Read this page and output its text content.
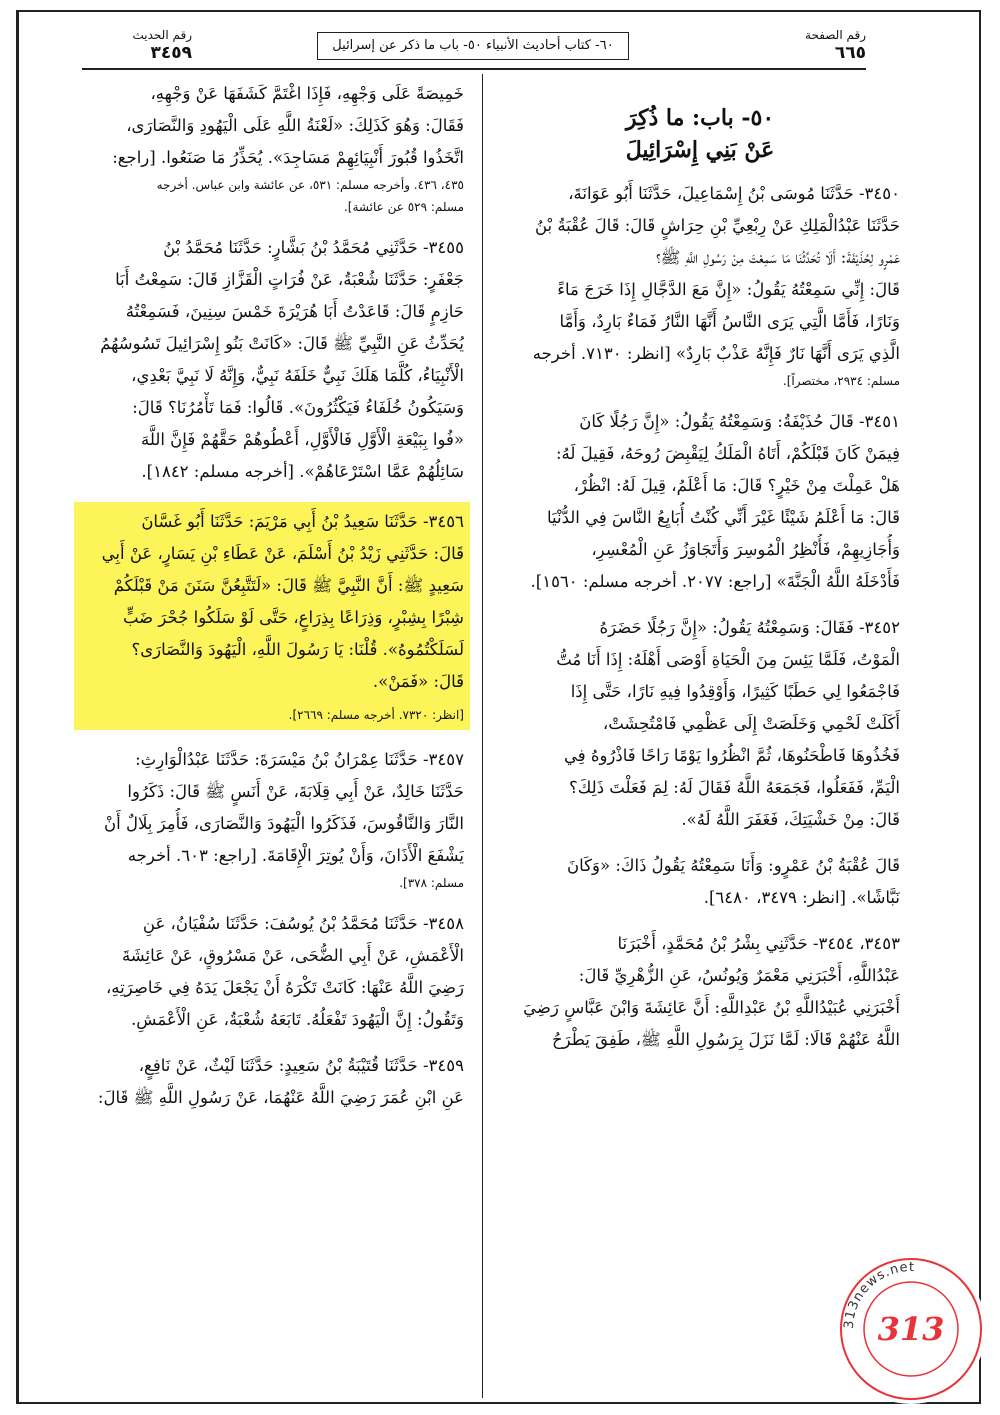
رقم الصفحة
٦٦٥
٦٠- كتاب أحاديث الأنبياء ٥٠- باب ما ذكر عن إسرائيل
رقم الحديث
٣٤٥٩
٥٠- باب: ما ذُكِرَ
عَنْ بَنِي إِسْرَائِيلَ
٣٤٥٠- حَدَّثَنَا مُوسَى بْنُ إِسْمَاعِيلَ، حَدَّثَنَا أَبُو عَوَانَةَ،
حَدَّثَنَا عَبْدُالْمَلِكِ عَنْ رِبْعِيِّ بْنِ حِرَاشٍ قَالَ: قَالَ عُقْبَةُ بْنُ
عَمْرٍو لِحُذَيْفَةَ: أَلَا تُحَدِّثُنَا مَا سَمِعْتَ مِنْ رَسُولِ اللَّهِ ﷺ؟
قَالَ: إِنِّي سَمِعْتُهُ يَقُولُ: «إِنَّ مَعَ الدَّجَّالِ إِذَا خَرَجَ مَاءً
وَنَارًا، فَأَمَّا الَّتِي يَرَى النَّاسُ أَنَّهَا النَّارُ فَمَاءٌ بَارِدٌ، وَأَمَّا
الَّذِي يَرَى أَنَّهَا نَارٌ فَإِنَّهُ عَذْبٌ بَارِدٌ» [انظر: ٧١٣٠. أخرجه
مسلم: ٢٩٣٤، مختصراً].
٣٤٥١- قَالَ حُذَيْفَةُ: وَسَمِعْتُهُ يَقُولُ: «إِنَّ رَجُلًا كَانَ
فِيمَنْ كَانَ قَبْلَكُمْ، أَتَاهُ الْمَلَكُ لِيَقْبِضَ رُوحَهُ، فَقِيلَ لَهُ:
هَلْ عَمِلْتَ مِنْ خَيْرٍ؟ قَالَ: مَا أَعْلَمُ، قِيلَ لَهُ: انْظُرْ،
قَالَ: مَا أَعْلَمُ شَيْئًا غَيْرَ أَنِّي كُنْتُ أُبَايِعُ النَّاسَ فِي الدُّنْيَا
وَأُجَازِيهِمْ، فَأُنْظِرُ الْمُوسِرَ وَأَتَجَاوَزُ عَنِ الْمُعْسِرِ،
فَأَدْخَلَهُ اللَّهُ الْجَنَّةَ» [راجع: ٢٠٧٧. أخرجه مسلم: ١٥٦٠].
٣٤٥٢- فَقَالَ: وَسَمِعْتُهُ يَقُولُ: «إِنَّ رَجُلًا حَضَرَهُ
الْمَوْتُ، فَلَمَّا يَئِسَ مِنَ الْحَيَاةِ أَوْصَى أَهْلَهُ: إِذَا أَنَا مُتُّ
فَاجْمَعُوا لِي حَطَبًا كَثِيرًا، وَأَوْقِدُوا فِيهِ نَارًا، حَتَّى إِذَا
أَكَلَتْ لَحْمِي وَخَلَصَتْ إِلَى عَظْمِي فَامْتُحِشَتْ،
فَخُذُوهَا فَاطْحَنُوهَا، ثُمَّ انْظُرُوا يَوْمًا رَاحًا فَاذْرُوهُ فِي
الْيَمِّ، فَفَعَلُوا، فَجَمَعَهُ اللَّهُ فَقَالَ لَهُ: لِمَ فَعَلْتَ ذَلِكَ؟
قَالَ: مِنْ خَشْيَتِكَ، فَغَفَرَ اللَّهُ لَهُ».
قَالَ عُقْبَةُ بْنُ عَمْرٍو: وَأَنَا سَمِعْتُهُ يَقُولُ ذَاكَ: «وَكَانَ
نَبَّاشًا». [انظر: ٣٤٧٩، ٦٤٨٠].
٣٤٥٣، ٣٤٥٤- حَدَّثَنِي بِشْرُ بْنُ مُحَمَّدٍ، أَخْبَرَنَا
عَبْدُاللَّهِ، أَخْبَرَنِي مَعْمَرٌ وَيُونُسُ، عَنِ الزُّهْرِيِّ قَالَ:
أَخْبَرَنِي عُبَيْدُاللَّهِ بْنُ عَبْدِاللَّهِ: أَنَّ عَائِشَةَ وَابْنَ عَبَّاسٍ رَضِيَ
اللَّهُ عَنْهُمْ قَالَا: لَمَّا نَزَلَ بِرَسُولِ اللَّهِ ﷺ، طَفِقَ يَطْرَحُ
خَمِيصَةً عَلَى وَجْهِهِ، فَإِذَا اغْتَمَّ كَشَفَهَا عَنْ وَجْهِهِ،
فَقَالَ: وَهُوَ كَذَلِكَ: «لَعْنَةُ اللَّهِ عَلَى الْيَهُودِ وَالنَّصَارَى،
اتَّخَذُوا قُبُورَ أَنْبِيَائِهِمْ مَسَاجِدَ». يُحَذِّرُ مَا صَنَعُوا. [راجع:
٤٣٥، ٤٣٦. وأخرجه مسلم: ٥٣١، عن عائشة وابن عباس. أخرجه
مسلم: ٥٢٩ عن عائشة].
٣٤٥٥- حَدَّثَنِي مُحَمَّدُ بْنُ بَشَّارٍ: حَدَّثَنَا مُحَمَّدُ بْنُ
جَعْفَرٍ: حَدَّثَنَا شُعْبَةُ، عَنْ فُرَاتٍ الْقَزَّازِ قَالَ: سَمِعْتُ أَبَا
حَازِمٍ قَالَ: قَاعَدْتُ أَبَا هُرَيْرَةَ خَمْسَ سِنِينَ، فَسَمِعْتُهُ
يُحَدِّثُ عَنِ النَّبِيِّ ﷺ قَالَ: «كَانَتْ بَنُو إِسْرَائِيلَ تَسُوسُهُمُ
الْأَنْبِيَاءُ، كُلَّمَا هَلَكَ نَبِيٌّ خَلَفَهُ نَبِيٌّ، وَإِنَّهُ لَا نَبِيَّ بَعْدِي،
وَسَيَكُونُ خُلَفَاءُ فَيَكْثُرُونَ». قَالُوا: فَمَا تَأْمُرُنَا؟ قَالَ:
«فُوا بِبَيْعَةِ الْأَوَّلِ فَالْأَوَّلِ، أَعْطُوهُمْ حَقَّهُمْ فَإِنَّ اللَّهَ
سَائِلُهُمْ عَمَّا اسْتَرْعَاهُمْ». [أخرجه مسلم: ١٨٤٢].
٣٤٥٦- حَدَّثَنَا سَعِيدُ بْنُ أَبِي مَرْيَمَ: حَدَّثَنَا أَبُو غَسَّانَ
قَالَ: حَدَّثَنِي زَيْدُ بْنُ أَسْلَمَ، عَنْ عَطَاءِ بْنِ يَسَارٍ، عَنْ أَبِي
سَعِيدٍ ﷺ: أَنَّ النَّبِيَّ ﷺ قَالَ: «لَتَتَّبِعُنَّ سَنَنَ مَنْ قَبْلَكُمْ
شِبْرًا بِشِبْرٍ، وَذِرَاعًا بِذِرَاعٍ، حَتَّى لَوْ سَلَكُوا جُحْرَ ضَبٍّ
لَسَلَكْتُمُوهُ». قُلْنَا: يَا رَسُولَ اللَّهِ، الْيَهُودَ وَالنَّصَارَى؟
قَالَ: «فَمَنْ».
[انظر: ٧٣٢٠. أخرجه مسلم: ٢٦٦٩].
٣٤٥٧- حَدَّثَنَا عِمْرَانُ بْنُ مَيْسَرَةَ: حَدَّثَنَا عَبْدُالْوَارِثِ:
حَدَّثَنَا خَالِدٌ، عَنْ أَبِي قِلَابَةَ، عَنْ أَنَسٍ ﷺ قَالَ: ذَكَرُوا
النَّارَ وَالنَّاقُوسَ، فَذَكَرُوا الْيَهُودَ وَالنَّصَارَى، فَأُمِرَ بِلَالٌ أَنْ
يَشْفَعَ الْأَذَانَ، وَأَنْ يُوتِرَ الْإِقَامَةَ. [راجع: ٦٠٣. أخرجه
مسلم: ٣٧٨].
٣٤٥٨- حَدَّثَنَا مُحَمَّدُ بْنُ يُوسُفَ: حَدَّثَنَا سُفْيَانُ، عَنِ
الْأَعْمَشِ، عَنْ أَبِي الضُّحَى، عَنْ مَسْرُوقٍ، عَنْ عَائِشَةَ
رَضِيَ اللَّهُ عَنْهَا: كَانَتْ تَكْرَهُ أَنْ يَجْعَلَ يَدَهُ فِي خَاصِرَتِهِ،
وَتَقُولُ: إِنَّ الْيَهُودَ تَفْعَلُهُ. تَابَعَهُ شُعْبَةُ، عَنِ الْأَعْمَشِ.
٣٤٥٩- حَدَّثَنَا قُتَيْبَةُ بْنُ سَعِيدٍ: حَدَّثَنَا لَيْثٌ، عَنْ نَافِعٍ،
عَنِ ابْنِ عُمَرَ رَضِيَ اللَّهُ عَنْهُمَا، عَنْ رَسُولِ اللَّهِ ﷺ قَالَ:
313news.net
313
